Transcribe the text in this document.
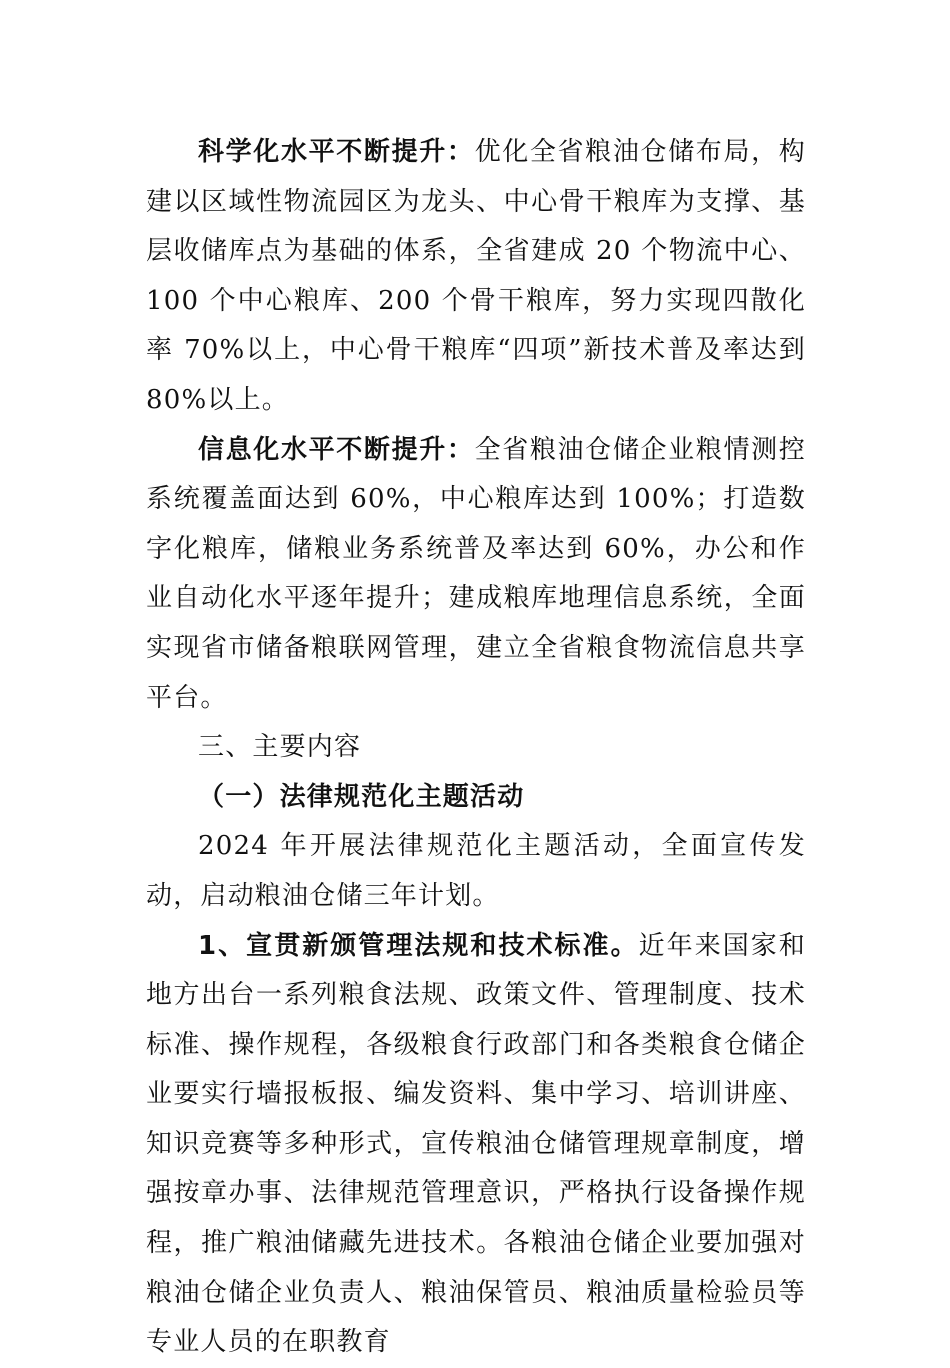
科学化水平不断提升：优化全省粮油仓储布局，构建以区域性物流园区为龙头、中心骨干粮库为支撑、基层收储库点为基础的体系，全省建成 20 个物流中心、100 个中心粮库、200 个骨干粮库，努力实现四散化率 70%以上，中心骨干粮库“四项”新技术普及率达到 80%以上。

信息化水平不断提升：全省粮油仓储企业粮情测控系统覆盖面达到 60%，中心粮库达到 100%；打造数字化粮库，储粮业务系统普及率达到 60%，办公和作业自动化水平逐年提升；建成粮库地理信息系统，全面实现省市储备粮联网管理，建立全省粮食物流信息共享平台。

三、主要内容

（一）法律规范化主题活动

2024 年开展法律规范化主题活动，全面宣传发动，启动粮油仓储三年计划。

1、宣贯新颁管理法规和技术标准。近年来国家和地方出台一系列粮食法规、政策文件、管理制度、技术标准、操作规程，各级粮食行政部门和各类粮食仓储企业要实行墙报板报、编发资料、集中学习、培训讲座、知识竞赛等多种形式，宣传粮油仓储管理规章制度，增强按章办事、法律规范管理意识，严格执行设备操作规程，推广粮油储藏先进技术。各粮油仓储企业要加强对粮油仓储企业负责人、粮油保管员、粮油质量检验员等专业人员的在职教育
